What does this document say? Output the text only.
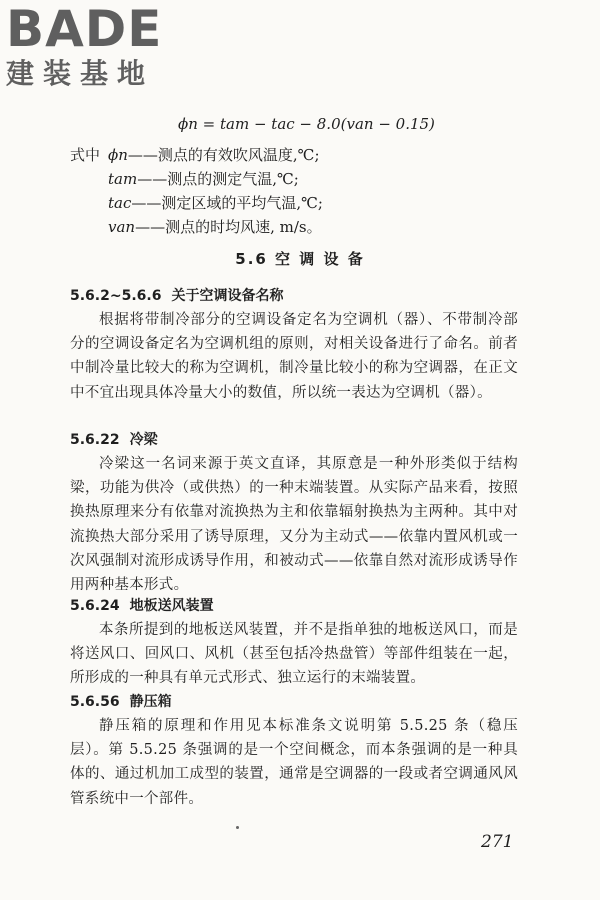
BADE
建装基地
ϕn = tam − tac − 8.0(van − 0.15)
式中 ϕn——测点的有效吹风温度,℃;
tam——测点的测定气温,℃;
tac——测定区域的平均气温,℃;
van——测点的时均风速, m/s。
5.6 空 调 设 备
5.6.2~5.6.6 关于空调设备名称
根据将带制冷部分的空调设备定名为空调机（器）、不带制冷部分的空调设备定名为空调机组的原则，对相关设备进行了命名。前者中制冷量比较大的称为空调机，制冷量比较小的称为空调器，在正文中不宜出现具体冷量大小的数值，所以统一表达为空调机（器）。
5.6.22 冷梁
冷梁这一名词来源于英文直译，其原意是一种外形类似于结构梁，功能为供冷（或供热）的一种末端装置。从实际产品来看，按照换热原理来分有依靠对流换热为主和依靠辐射换热为主两种。其中对流换热大部分采用了诱导原理，又分为主动式——依靠内置风机或一次风强制对流形成诱导作用，和被动式——依靠自然对流形成诱导作用两种基本形式。
5.6.24 地板送风装置
本条所提到的地板送风装置，并不是指单独的地板送风口，而是将送风口、回风口、风机（甚至包括冷热盘管）等部件组装在一起，所形成的一种具有单元式形式、独立运行的末端装置。
5.6.56 静压箱
静压箱的原理和作用见本标准条文说明第 5.5.25 条（稳压层）。第 5.5.25 条强调的是一个空间概念，而本条强调的是一种具体的、通过机加工成型的装置，通常是空调器的一段或者空调通风风管系统中一个部件。
271
